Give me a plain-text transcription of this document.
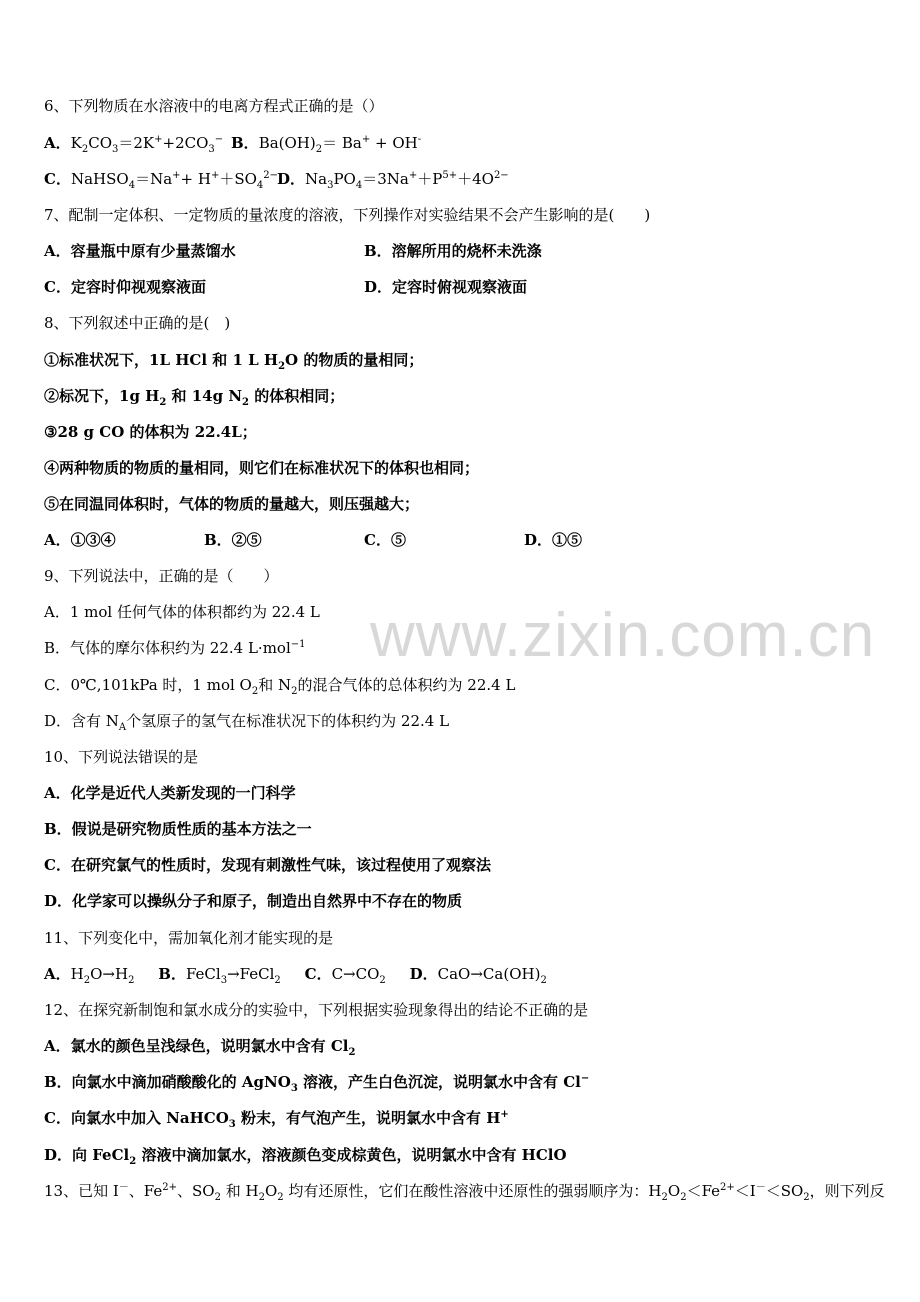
www.zixin.com.cn
6、下列物质在水溶液中的电离方程式正确的是（）
A．$K_2CO_3=2K^++2CO_3^-$ B．$Ba(OH)_2= Ba^+ + OH^-$
C．NaHSO$_4$＝Na++ $H^++SO_4^{2-}$
D．$Na_3PO_4=3Na^++P^{5+}+4O^{2-}$
7、配制一定体积、一定物质的量浓度的溶液，下列操作对实验结果不会产生影响的是(　　)
A．容量瓶中原有少量蒸馏水	B．溶解所用的烧杯未洗涤
C．定容时仰视观察液面	D．定容时俯视观察液面
8、下列叙述中正确的是(　)
①标准状况下，1L HCl 和 1 L $H_2O$ 的物质的量相同；
②标况下，1g $H_2$ 和 14g $N_2$ 的体积相同；
③28 g CO 的体积为 22.4L；
④两种物质的物质的量相同，则它们在标准状况下的体积也相同；
⑤在同温同体积时，气体的物质的量越大，则压强越大；
A．①③④	B．②⑤	C．⑤	D．①⑤
9、下列说法中，正确的是（　　）
A．1 mol 任何气体的体积都约为 22.4 L
B．气体的摩尔体积约为 22.4 L·mol$^{-1}$
C．0℃,101kPa 时，1 mol $O_2$和 $N_2$的混合气体的总体积约为 22.4 L
D．含有 $N_A$个氢原子的氢气在标准状况下的体积约为 22.4 L
10、下列说法错误的是
A．化学是近代人类新发现的一门科学
B．假说是研究物质性质的基本方法之一
C．在研究氯气的性质时，发现有刺激性气味，该过程使用了观察法
D．化学家可以操纵分子和原子，制造出自然界中不存在的物质
11、下列变化中，需加氧化剂才能实现的是
A．$H_2O\to H_2$ B．FeCl$_3$→FeCl$_2$ C．$C\to CO_2$ D．$CaO\to Ca(OH)_2$
12、在探究新制饱和氯水成分的实验中，下列根据实验现象得出的结论不正确的是
A．氯水的颜色呈浅绿色，说明氯水中含有 $Cl_2$
B．向氯水中滴加硝酸酸化的 AgNO$_3$ 溶液，产生白色沉淀，说明氯水中含有 Cl−
C．向氯水中加入 NaHCO$_3$ 粉末，有气泡产生，说明氯水中含有 H+
D．向 FeCl$_2$ 溶液中滴加氯水，溶液颜色变成棕黄色，说明氯水中含有 HClO
13、已知 I－、$Fe^{2+}$、$SO_2$ 和 $H_2O_2$ 均有还原性，它们在酸性溶液中还原性的强弱顺序为：$H_2O_2<Fe^{2+}<I^-<SO_2$，则下列反
